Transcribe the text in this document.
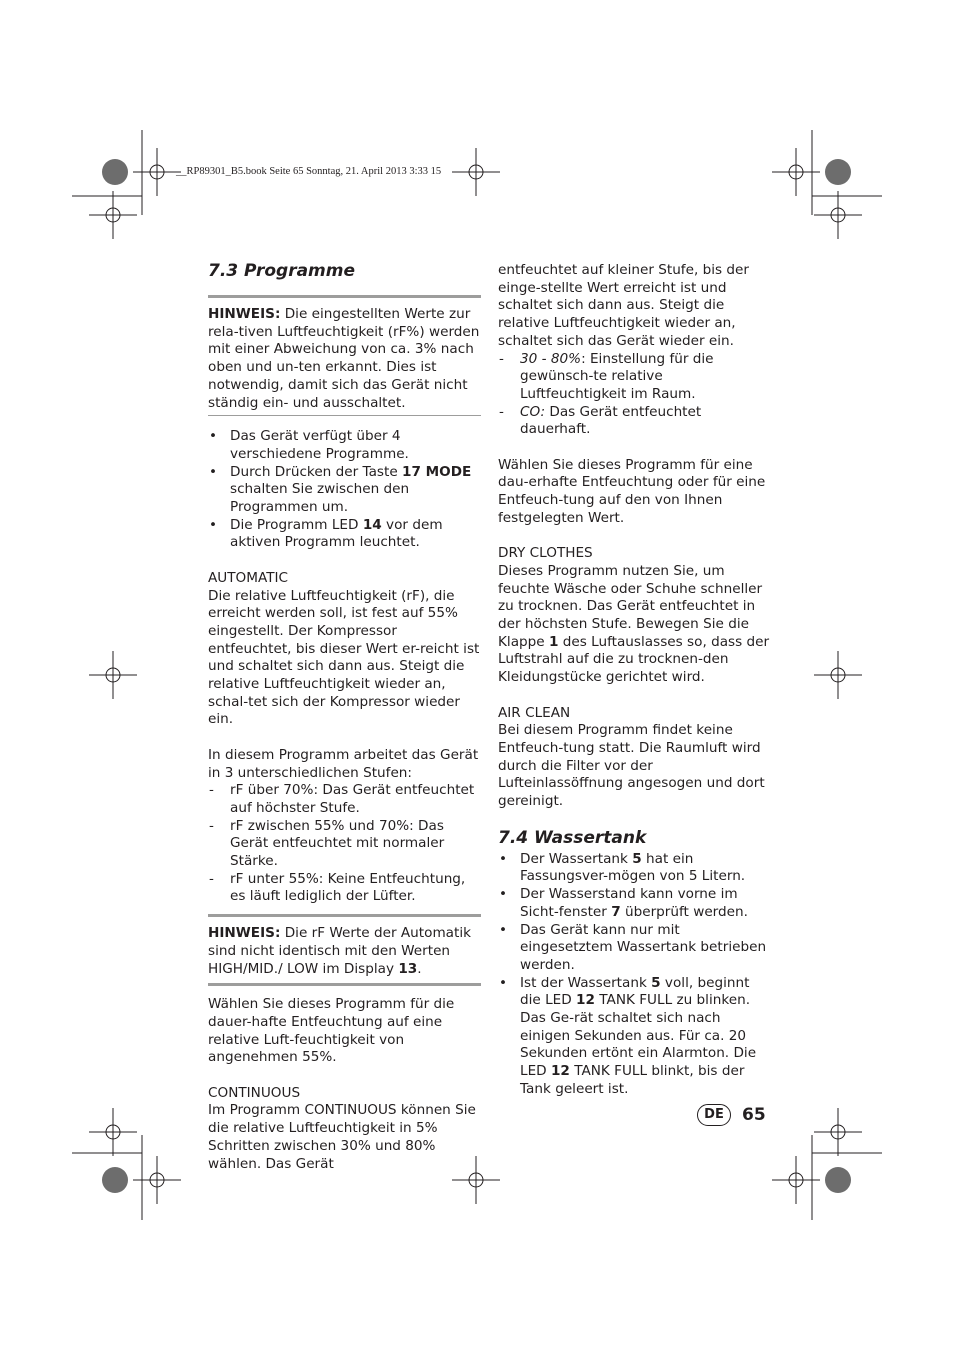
__RP89301_B5.book Seite 65 Sonntag, 21. April 2013 3:33 15
7.3 Programme

HINWEIS: Die eingestellten Werte zur rela-tiven Luftfeuchtigkeit (rF%) werden mit einer Abweichung von ca. 3% nach oben und un-ten erkannt. Dies ist notwendig, damit sich das Gerät nicht ständig ein- und ausschaltet.

• Das Gerät verfügt über 4 verschiedene Programme.
• Durch Drücken der Taste 17 MODE schalten Sie zwischen den Programmen um.
• Die Programm LED 14 vor dem aktiven Programm leuchtet.

AUTOMATIC

Die relative Luftfeuchtigkeit (rF), die erreicht werden soll, ist fest auf 55% eingestellt. Der Kompressor entfeuchtet, bis dieser Wert er-reicht ist und schaltet sich dann aus. Steigt die relative Luftfeuchtigkeit wieder an, schal-tet sich der Kompressor wieder ein.

In diesem Programm arbeitet das Gerät in 3 unterschiedlichen Stufen:

- rF über 70%: Das Gerät entfeuchtet auf höchster Stufe.
- rF zwischen 55% und 70%: Das Gerät entfeuchtet mit normaler Stärke.
- rF unter 55%: Keine Entfeuchtung, es läuft lediglich der Lüfter.

HINWEIS: Die rF Werte der Automatik sind nicht identisch mit den Werten HIGH/MID./ LOW im Display 13.

Wählen Sie dieses Programm für die dauer-hafte Entfeuchtung auf eine relative Luft-feuchtigkeit von angenehmen 55%.

CONTINUOUS

Im Programm CONTINUOUS können Sie die relative Luftfeuchtigkeit in 5% Schritten zwischen 30% und 80% wählen. Das Gerät

entfeuchtet auf kleiner Stufe, bis der einge-stellte Wert erreicht ist und schaltet sich dann aus. Steigt die relative Luftfeuchtigkeit wieder an, schaltet sich das Gerät wieder ein.

- 30 - 80%: Einstellung für die gewünsch-te relative Luftfeuchtigkeit im Raum.
- CO: Das Gerät entfeuchtet dauerhaft.

Wählen Sie dieses Programm für eine dau-erhafte Entfeuchtung oder für eine Entfeuch-tung auf den von Ihnen festgelegten Wert.

DRY CLOTHES

Dieses Programm nutzen Sie, um feuchte Wäsche oder Schuhe schneller zu trocknen. Das Gerät entfeuchtet in der höchsten Stufe. Bewegen Sie die Klappe 1 des Luftauslasses so, dass der Luftstrahl auf die zu trocknen-den Kleidungstücke gerichtet wird.

AIR CLEAN

Bei diesem Programm findet keine Entfeuch-tung statt. Die Raumluft wird durch die Filter vor der Lufteinlassöffnung angesogen und dort gereinigt.

7.4 Wassertank
• Der Wassertank 5 hat ein Fassungsver-mögen von 5 Litern.
• Der Wasserstand kann vorne im Sicht-fenster 7 überprüft werden.
• Das Gerät kann nur mit eingesetztem Wassertank betrieben werden.
• Ist der Wassertank 5 voll, beginnt die LED 12 TANK FULL zu blinken. Das Ge-rät schaltet sich nach einigen Sekunden aus. Für ca. 20 Sekunden ertönt ein Alarmton. Die LED 12 TANK FULL blinkt, bis der Tank geleert ist.
DE	65
